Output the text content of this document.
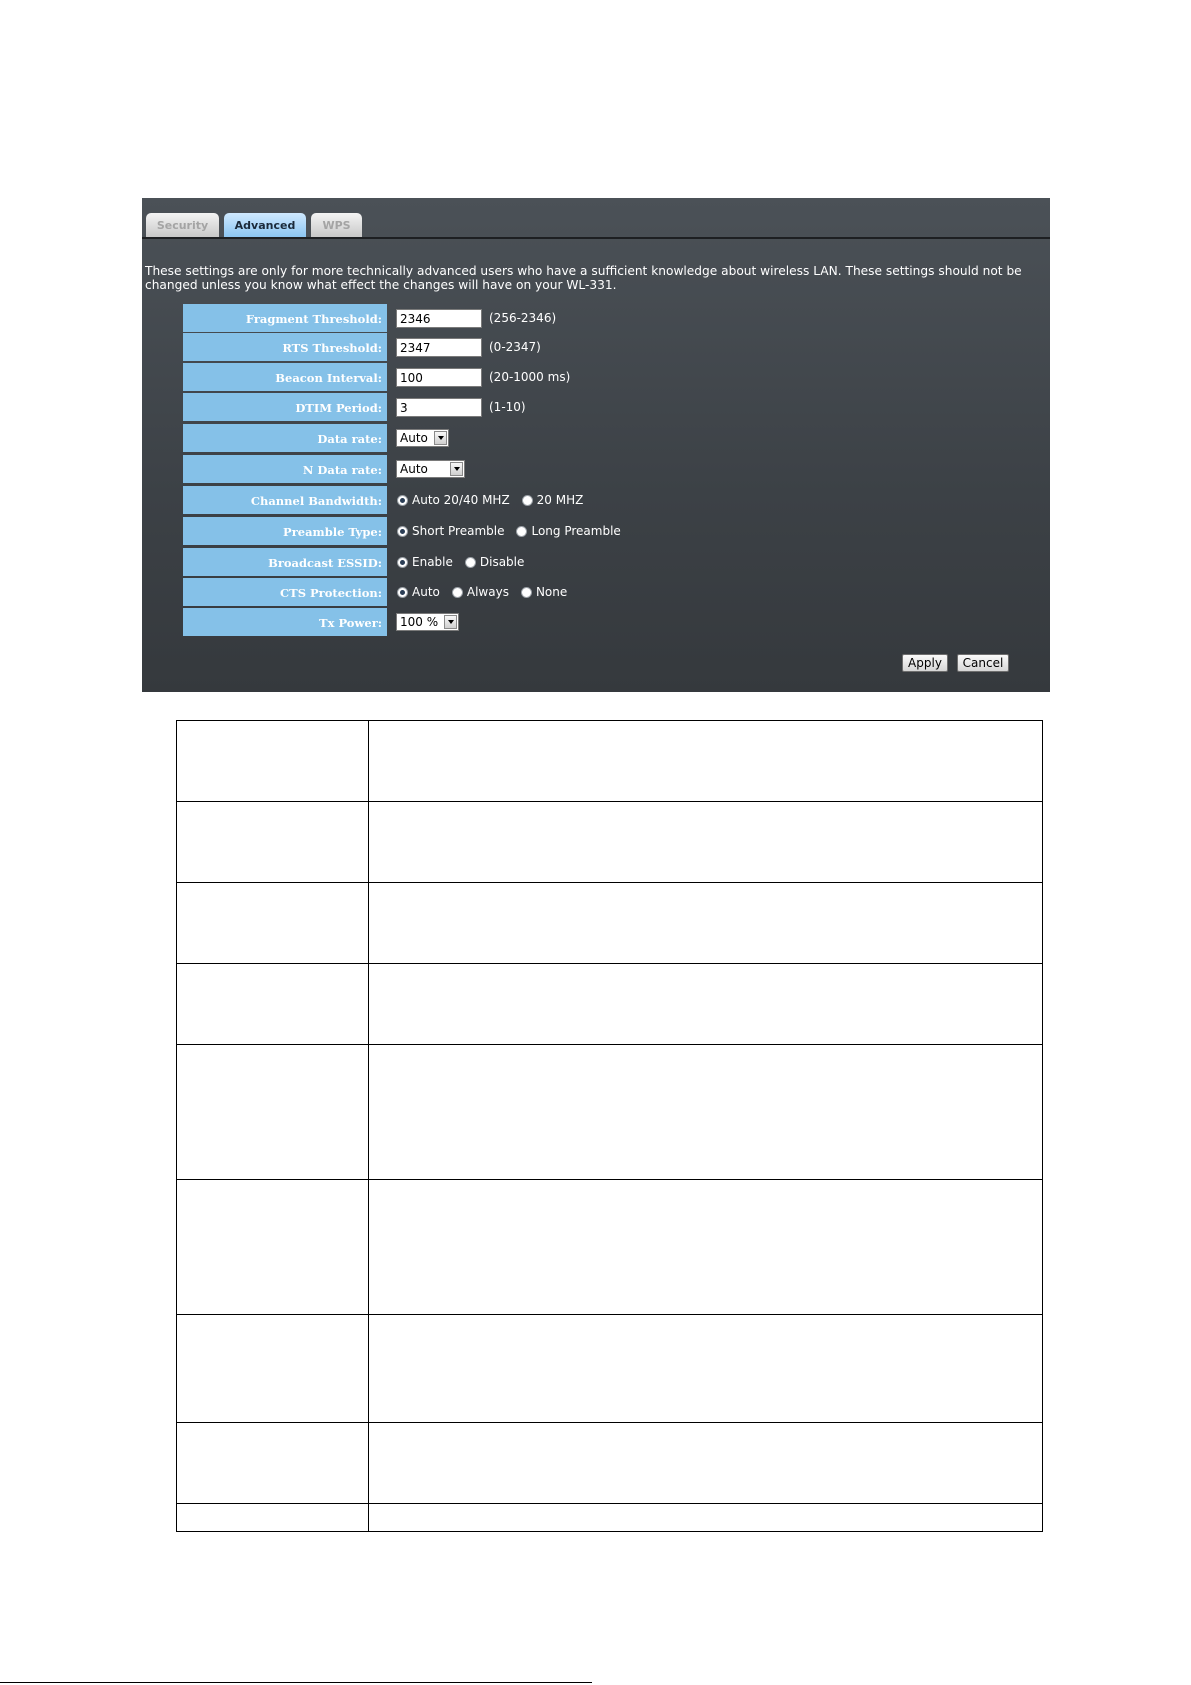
Security	Advanced	WPS
These settings are only for more technically advanced users who have a sufficient knowledge about wireless LAN. These settings should not be changed unless you know what effect the changes will have on your WL-331.
Fragment Threshold:	2346	(256-2346)
RTS Threshold:	2347	(0-2347)
Beacon Interval:	100	(20-1000 ms)
DTIM Period:	3	(1-10)
Data rate:	Auto
N Data rate:	Auto
Channel Bandwidth:	Auto 20/40 MHZ 20 MHZ
Preamble Type:	Short Preamble Long Preamble
Broadcast ESSID:	Enable Disable
CTS Protection:	Auto Always None
Tx Power:	100 %
Apply	Cancel
